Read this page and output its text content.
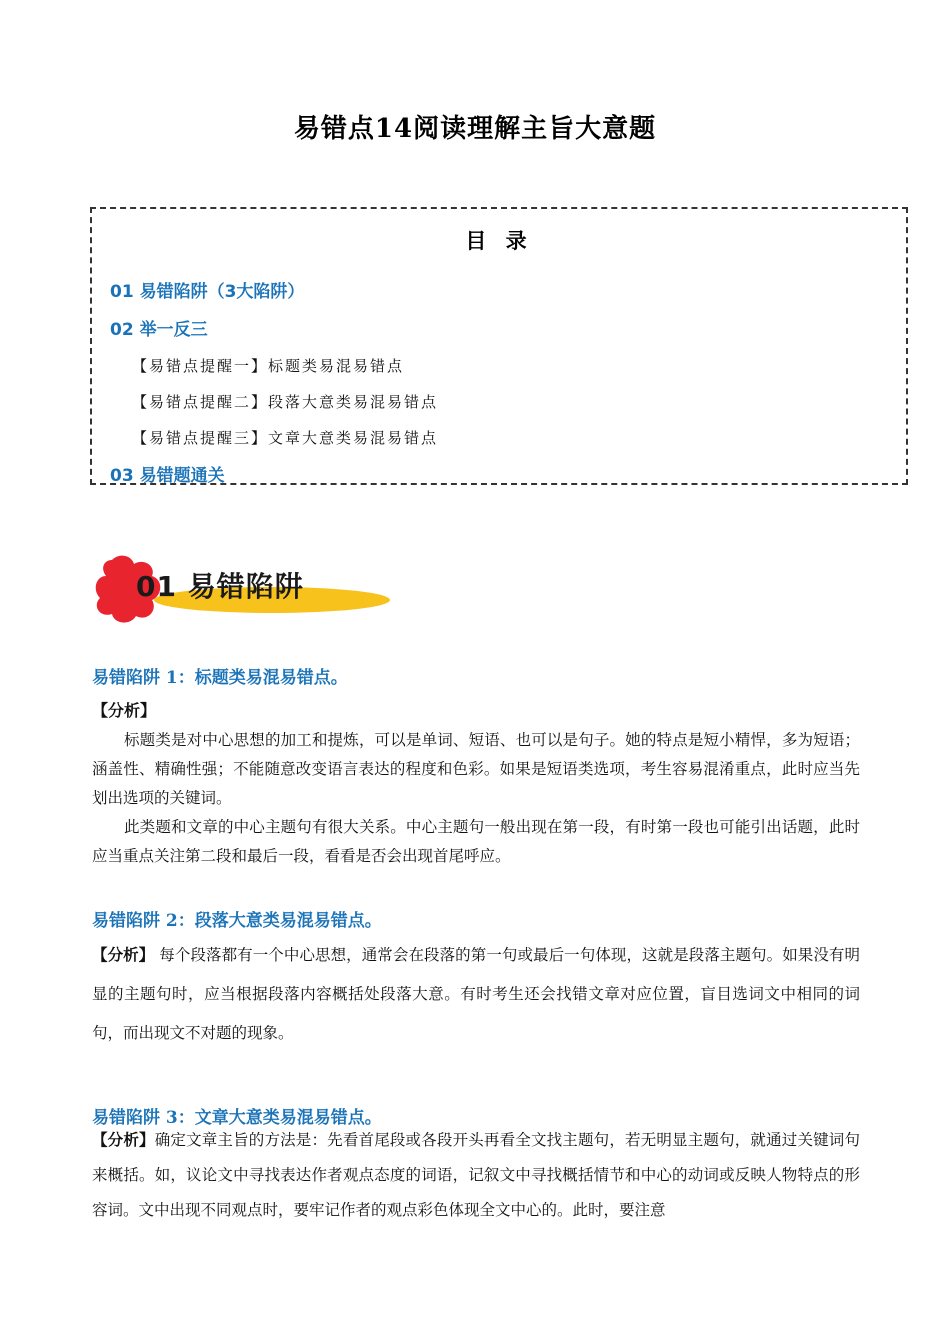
易错点14阅读理解主旨大意题
目 录
01 易错陷阱（3大陷阱）
02 举一反三
【易错点提醒一】标题类易混易错点
【易错点提醒二】段落大意类易混易错点
【易错点提醒三】文章大意类易混易错点
03 易错题通关
01 易错陷阱
易错陷阱 1：标题类易混易错点。
【分析】
标题类是对中心思想的加工和提炼，可以是单词、短语、也可以是句子。她的特点是短小精悍，多为短语；涵盖性、精确性强；不能随意改变语言表达的程度和色彩。如果是短语类选项，考生容易混淆重点，此时应当先划出选项的关键词。
此类题和文章的中心主题句有很大关系。中心主题句一般出现在第一段，有时第一段也可能引出话题，此时应当重点关注第二段和最后一段，看看是否会出现首尾呼应。
易错陷阱 2：段落大意类易混易错点。
【分析】 每个段落都有一个中心思想，通常会在段落的第一句或最后一句体现，这就是段落主题句。如果没有明显的主题句时，应当根据段落内容概括处段落大意。有时考生还会找错文章对应位置，盲目选词文中相同的词句，而出现文不对题的现象。
易错陷阱 3：文章大意类易混易错点。
【分析】确定文章主旨的方法是：先看首尾段或各段开头再看全文找主题句，若无明显主题句，就通过关键词句来概括。如，议论文中寻找表达作者观点态度的词语，记叙文中寻找概括情节和中心的动词或反映人物特点的形容词。文中出现不同观点时，要牢记作者的观点彩色体现全文中心的。此时，要注意
